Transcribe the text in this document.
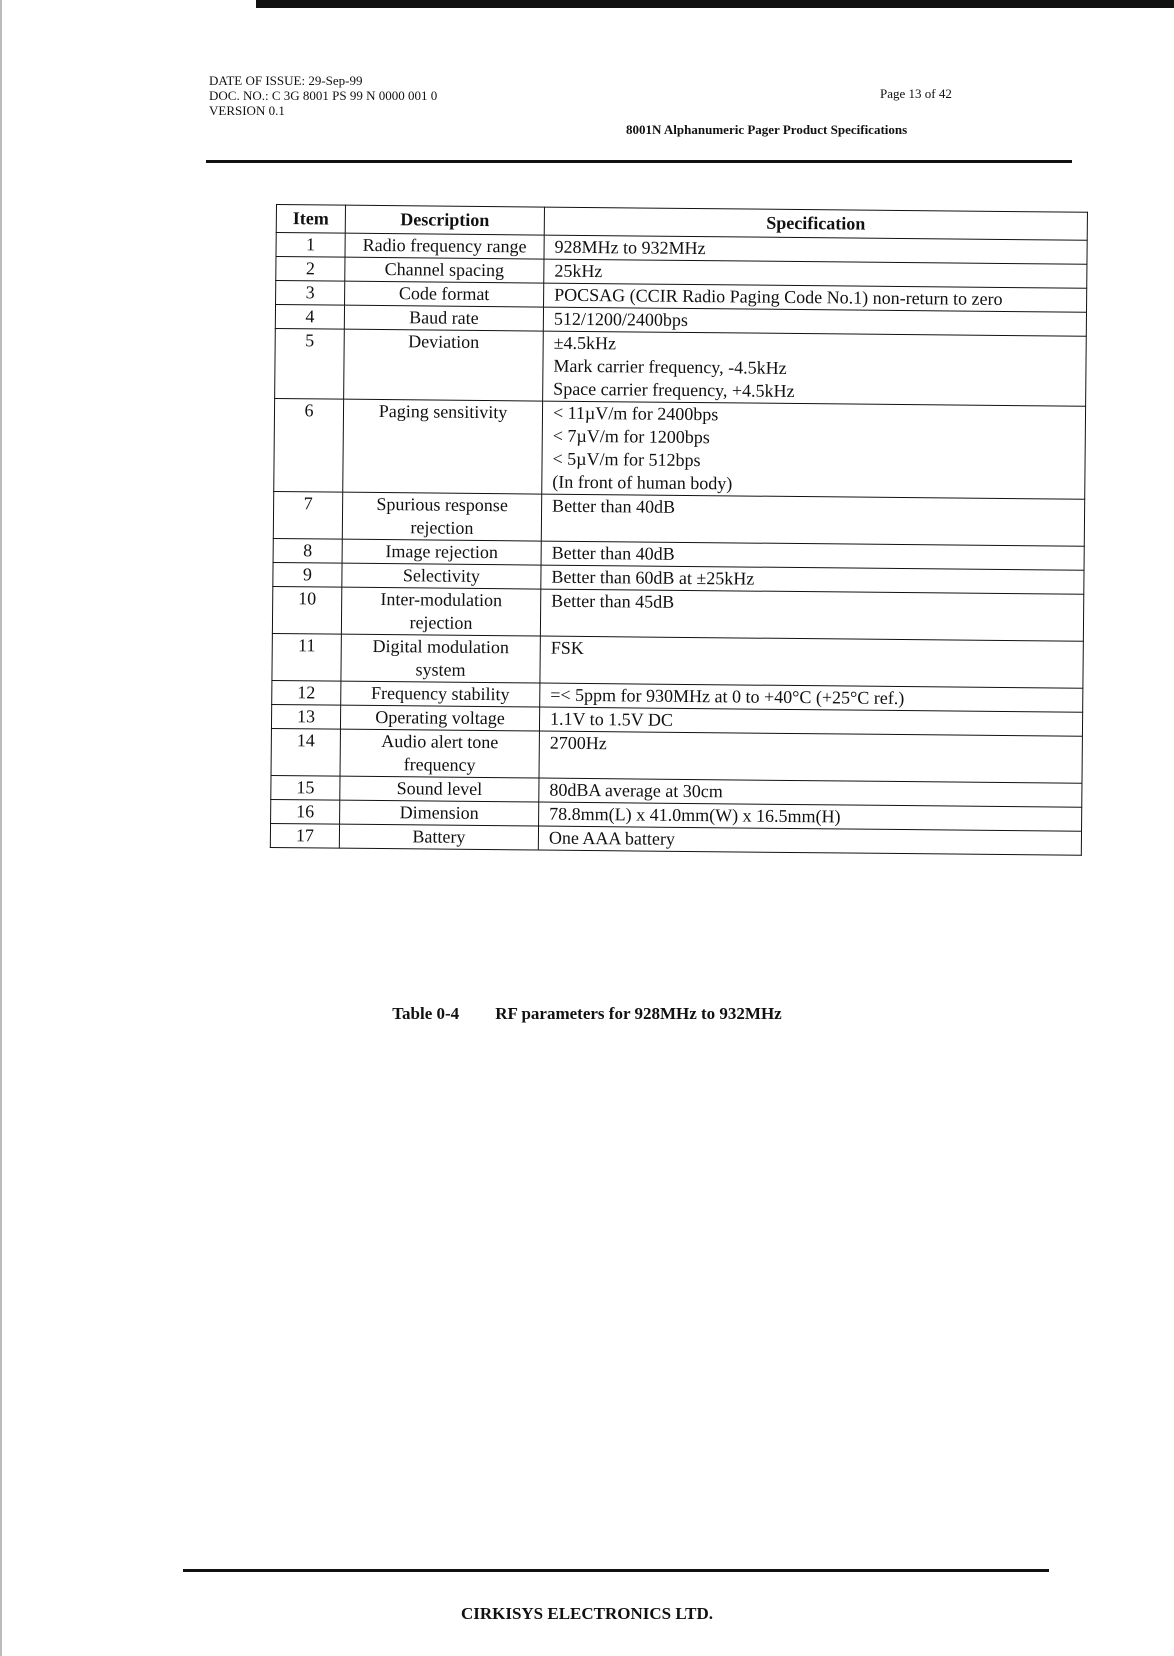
DATE OF ISSUE: 29-Sep-99
DOC. NO.: C 3G 8001 PS 99 N 0000 001 0
VERSION 0.1
Page 13 of 42
8001N Alphanumeric Pager Product Specifications
Item	Description	Specification
1	Radio frequency range	928MHz to 932MHz

2	Channel spacing	25kHz

3	Code format	POCSAG (CCIR Radio Paging Code No.1) non-return to zero

4	Baud rate	512/1200/2400bps

5	Deviation	±4.5kHz
Mark carrier frequency, -4.5kHz
Space carrier frequency, +4.5kHz

6	Paging sensitivity	< 11µV/m for 2400bps
< 7µV/m for 1200bps
< 5µV/m for 512bps
(In front of human body)

7	Spurious response rejection	Better than 40dB

8	Image rejection	Better than 40dB

9	Selectivity	Better than 60dB at ±25kHz

10	Inter-modulation rejection	Better than 45dB

11	Digital modulation system	FSK

12	Frequency stability	=< 5ppm for 930MHz at 0 to +40°C (+25°C ref.)

13	Operating voltage	1.1V to 1.5V DC

14	Audio alert tone frequency	2700Hz

15	Sound level	80dBA average at 30cm

16	Dimension	78.8mm(L) x 41.0mm(W) x 16.5mm(H)

17	Battery	One AAA battery
Table 0-4 RF parameters for 928MHz to 932MHz
CIRKISYS ELECTRONICS LTD.
